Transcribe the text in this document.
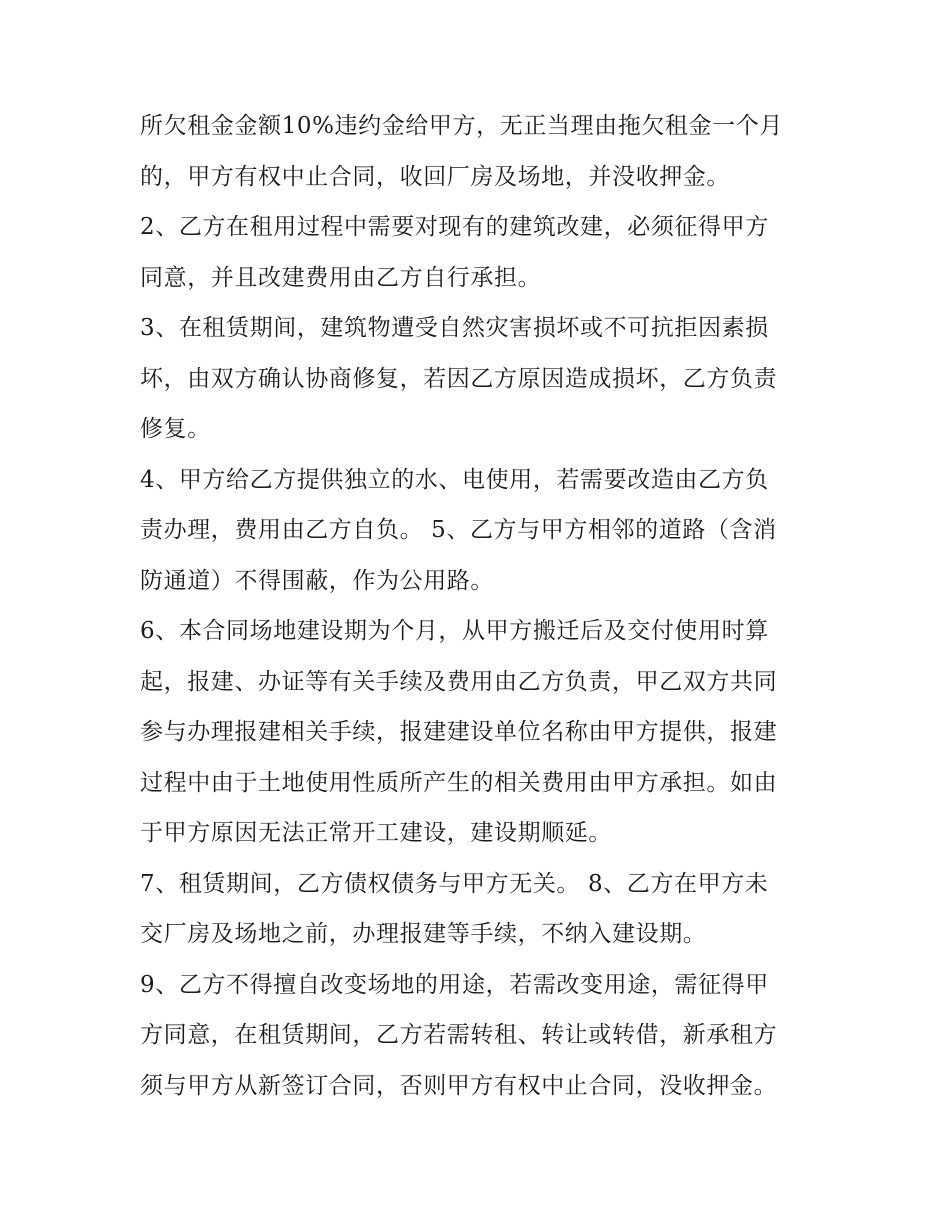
所欠租金金额10%违约金给甲方，无正当理由拖欠租金一个月
的，甲方有权中止合同，收回厂房及场地，并没收押金。
2、乙方在租用过程中需要对现有的建筑改建，必须征得甲方
同意，并且改建费用由乙方自行承担。
3、在租赁期间，建筑物遭受自然灾害损坏或不可抗拒因素损
坏，由双方确认协商修复，若因乙方原因造成损坏，乙方负责
修复。
4、甲方给乙方提供独立的水、电使用，若需要改造由乙方负
责办理，费用由乙方自负。 5、乙方与甲方相邻的道路（含消
防通道）不得围蔽，作为公用路。
6、本合同场地建设期为个月，从甲方搬迁后及交付使用时算
起，报建、办证等有关手续及费用由乙方负责，甲乙双方共同
参与办理报建相关手续，报建建设单位名称由甲方提供，报建
过程中由于土地使用性质所产生的相关费用由甲方承担。如由
于甲方原因无法正常开工建设，建设期顺延。
7、租赁期间，乙方债权债务与甲方无关。 8、乙方在甲方未
交厂房及场地之前，办理报建等手续，不纳入建设期。
9、乙方不得擅自改变场地的用途，若需改变用途，需征得甲
方同意，在租赁期间，乙方若需转租、转让或转借，新承租方
须与甲方从新签订合同，否则甲方有权中止合同，没收押金。
